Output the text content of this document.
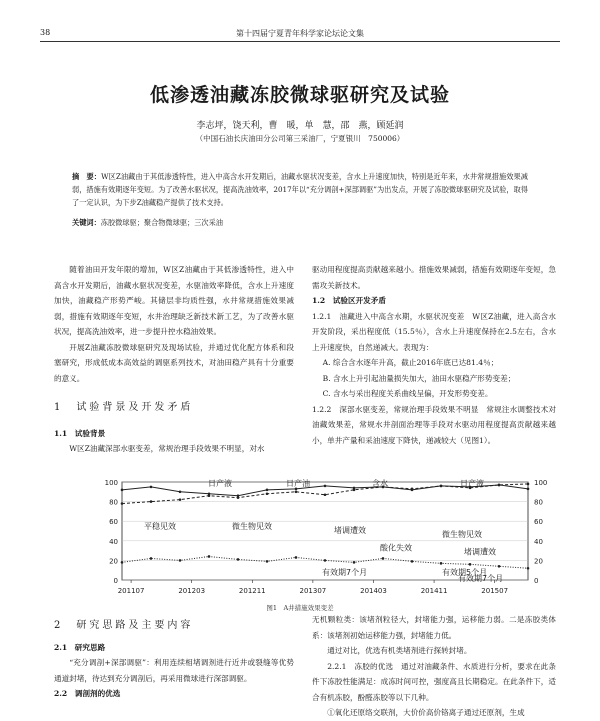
38	第十四届宁夏青年科学家论坛论文集
低渗透油藏冻胶微球驱研究及试验
李志坪，饶天利，曹　暖，单　慧，邵　燕，顾延润
（中国石油长庆油田分公司第三采油厂，宁夏银川　750006）
摘　要：W区Z油藏由于其低渗透特性，进入中高含水开发期后，油藏水驱状况变差，含水上升速度加快，特别是近年来，水井常规措施效果减弱，措施有效期逐年变短。为了改善水驱状况，提高洗油效率，2017年以“充分调剖+深部调驱”为出发点，开展了冻胶微球驱研究及试验，取得了一定认识，为下步Z油藏稳产提供了技术支持。
关键词：冻胶微球驱；聚合物微球驱；三次采油

随着油田开发年限的增加，W区Z油藏由于其低渗透特性，进入中高含水开发期后，油藏水驱状况变差，水驱油效率降低，含水上升速度加快，油藏稳产形势严峻。其储层非均质性强，水井常规措施效果减弱，措施有效期逐年变短，水井治理缺乏新技术新工艺，为了改善水驱状况，提高洗油效率，进一步提升控水稳油效果。

开展Z油藏冻胶微球驱研究及现场试验，并通过优化配方体系和段塞研究，形成低成本高效益的调驱系列技术，对油田稳产具有十分重要的意义。

1　试验背景及开发矛盾

1.1　试验背景

W区Z油藏深部水驱变差，常规治理手段效果不明显，对水

驱动用程度提高贡献越来越小。措施效果减弱，措施有效期逐年变短，急需攻关新技术。

1.2　试验区开发矛盾

1.2.1　油藏进入中高含水期，水驱状况变差　W区Z油藏，进入高含水开发阶段，采出程度低（15.5％），含水上升速度保持在2.5左右，含水上升速度快，自然递减大。表现为：

A. 综合含水逐年升高，截止2016年底已达81.4％；

B. 含水上升引起油量损失加大，油田水驱稳产形势变差；

C. 含水与采出程度关系曲线呈偏，开发形势变差。

1.2.2　深部水驱变差，常规治理手段效果不明显　常规注水调整技术对油藏效果差，常规水井剖面治理等手段对水驱动用程度提高贡献越来越小，单井产量和采油速度下降快，递减较大（见图1）。

0
20
40
60
80
100
0
20
40
60
80
100
201107	201203	201211	201307	201403	201411	201507
平稳见效	微生物见效	堵调遭效
酸化失效
微生物见效
堵调遭效
有效期7个月	有效期5个月
有效期7个月
日产液	日产油	含水	日产液
图1　A井措施效果变差

2　研究思路及主要内容

2.1　研究思路

“充分调剖+深部调驱”：利用连续相堵调剂进行近井或裂缝等优势通道封堵，待达到充分调剖后，再采用微球进行深部调驱。

2.2　调剖剂的优选

无机颗粒类：该堵剂粒径大，封堵能力强，运移能力弱。二是冻胶类体系：该堵剂初始运移能力强，封堵能力低。

通过对比，优选有机类堵剂进行探转封堵。

2.2.1　冻胶的优选　通过对油藏条件、水质进行分析，要求在此条件下冻胶性能满足：成冻时间可控，强度高且长期稳定。在此条件下，适合有机冻胶，酚醛冻胶等以下几种。

①氧化还原络交联剂，大价价高价铬离子通过还原剂，生成
